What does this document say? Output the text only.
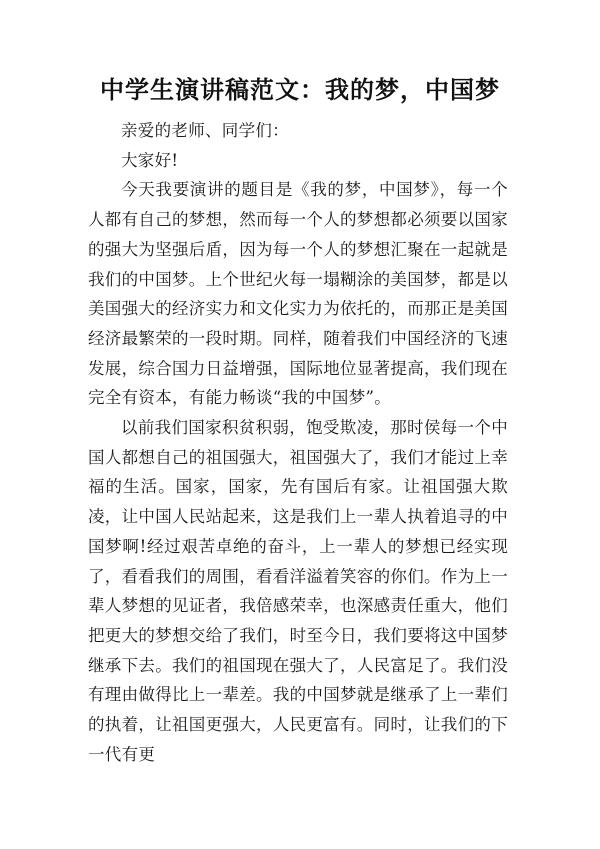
中学生演讲稿范文：我的梦，中国梦

亲爱的老师、同学们：

大家好!

今天我要演讲的题目是《我的梦，中国梦》，每一个人都有自己的梦想，然而每一个人的梦想都必须要以国家的强大为坚强后盾，因为每一个人的梦想汇聚在一起就是我们的中国梦。上个世纪火每一塌糊涂的美国梦，都是以美国强大的经济实力和文化实力为依托的，而那正是美国经济最繁荣的一段时期。同样，随着我们中国经济的飞速发展，综合国力日益增强，国际地位显著提高，我们现在完全有资本，有能力畅谈“我的中国梦”。

以前我们国家积贫积弱，饱受欺凌，那时侯每一个中国人都想自己的祖国强大，祖国强大了，我们才能过上幸福的生活。国家，国家，先有国后有家。让祖国强大欺凌，让中国人民站起来，这是我们上一辈人执着追寻的中国梦啊!经过艰苦卓绝的奋斗，上一辈人的梦想已经实现了，看看我们的周围，看看洋溢着笑容的你们。作为上一辈人梦想的见证者，我倍感荣幸，也深感责任重大，他们把更大的梦想交给了我们，时至今日，我们要将这中国梦继承下去。我们的祖国现在强大了，人民富足了。我们没有理由做得比上一辈差。我的中国梦就是继承了上一辈们的执着，让祖国更强大，人民更富有。同时，让我们的下一代有更
